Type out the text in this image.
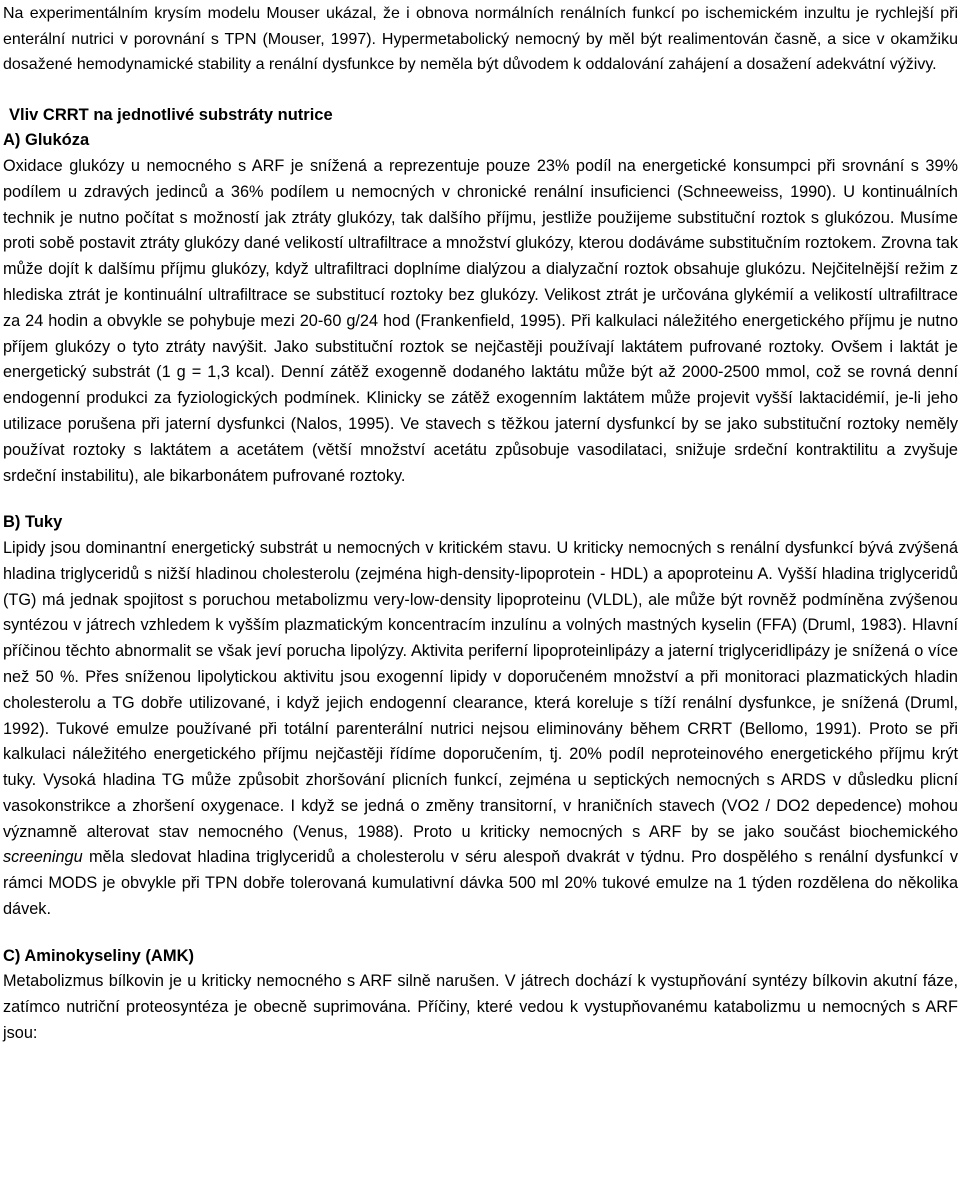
Na experimentálním krysím modelu Mouser ukázal, že i obnova normálních renálních funkcí po ischemickém inzultu je rychlejší při enterální nutrici v porovnání s TPN (Mouser, 1997). Hypermetabolický nemocný by měl být realimentován časně, a sice v okamžiku dosažené hemodynamické stability a renální dysfunkce by neměla být důvodem k oddalování zahájení a dosažení adekvátní výživy.

Vliv CRRT na jednotlivé substráty nutrice

A) Glukóza

Oxidace glukózy u nemocného s ARF je snížená a reprezentuje pouze 23% podíl na energetické konsumpci při srovnání s 39% podílem u zdravých jedinců a 36% podílem u nemocných v chronické renální insuficienci (Schneeweiss, 1990). U kontinuálních technik je nutno počítat s možností jak ztráty glukózy, tak dalšího příjmu, jestliže použijeme substituční roztok s glukózou. Musíme proti sobě postavit ztráty glukózy dané velikostí ultrafiltrace a množství glukózy, kterou dodáváme substitučním roztokem. Zrovna tak může dojít k dalšímu příjmu glukózy, když ultrafiltraci doplníme dialýzou a dialyzační roztok obsahuje glukózu. Nejčitelnější režim z hlediska ztrát je kontinuální ultrafiltrace se substitucí roztoky bez glukózy. Velikost ztrát je určována glykémií a velikostí ultrafiltrace za 24 hodin a obvykle se pohybuje mezi 20-60 g/24 hod (Frankenfield, 1995). Při kalkulaci náležitého energetického příjmu je nutno příjem glukózy o tyto ztráty navýšit. Jako substituční roztok se nejčastěji používají laktátem pufrované roztoky. Ovšem i laktát je energetický substrát (1 g = 1,3 kcal). Denní zátěž exogenně dodaného laktátu může být až 2000-2500 mmol, což se rovná denní endogenní produkci za fyziologických podmínek. Klinicky se zátěž exogenním laktátem může projevit vyšší laktacidémií, je-li jeho utilizace porušena při jaterní dysfunkci (Nalos, 1995). Ve stavech s těžkou jaterní dysfunkcí by se jako substituční roztoky neměly používat roztoky s laktátem a acetátem (větší množství acetátu způsobuje vasodilataci, snižuje srdeční kontraktilitu a zvyšuje srdeční instabilitu), ale bikarbonátem pufrované roztoky.

B) Tuky

Lipidy jsou dominantní energetický substrát u nemocných v kritickém stavu. U kriticky nemocných s renální dysfunkcí bývá zvýšená hladina triglyceridů s nižší hladinou cholesterolu (zejména high-density-lipoprotein - HDL) a apoproteinu A. Vyšší hladina triglyceridů (TG) má jednak spojitost s poruchou metabolizmu very-low-density lipoproteinu (VLDL), ale může být rovněž podmíněna zvýšenou syntézou v játrech vzhledem k vyšším plazmatickým koncentracím inzulínu a volných mastných kyselin (FFA) (Druml, 1983). Hlavní příčinou těchto abnormalit se však jeví porucha lipolýzy. Aktivita periferní lipoproteinlipázy a jaterní triglyceridlipázy je snížená o více než 50 %. Přes sníženou lipolytickou aktivitu jsou exogenní lipidy v doporučeném množství a při monitoraci plazmatických hladin cholesterolu a TG dobře utilizované, i když jejich endogenní clearance, která koreluje s tíží renální dysfunkce, je snížená (Druml, 1992). Tukové emulze používané při totální parenterální nutrici nejsou eliminovány během CRRT (Bellomo, 1991). Proto se při kalkulaci náležitého energetického příjmu nejčastěji řídíme doporučením, tj. 20% podíl neproteinového energetického příjmu krýt tuky. Vysoká hladina TG může způsobit zhoršování plicních funkcí, zejména u septických nemocných s ARDS v důsledku plicní vasokonstrikce a zhoršení oxygenace. I když se jedná o změny transitorní, v hraničních stavech (VO2 / DO2 depedence) mohou významně alterovat stav nemocného (Venus, 1988). Proto u kriticky nemocných s ARF by se jako součást biochemického screeningu měla sledovat hladina triglyceridů a cholesterolu v séru alespoň dvakrát v týdnu. Pro dospělého s renální dysfunkcí v rámci MODS je obvykle při TPN dobře tolerovaná kumulativní dávka 500 ml 20% tukové emulze na 1 týden rozdělena do několika dávek.

C) Aminokyseliny (AMK)

Metabolizmus bílkovin je u kriticky nemocného s ARF silně narušen. V játrech dochází k vystupňování syntézy bílkovin akutní fáze, zatímco nutriční proteosyntéza je obecně suprimována. Příčiny, které vedou k vystupňovanému katabolizmu u nemocných s ARF jsou:
